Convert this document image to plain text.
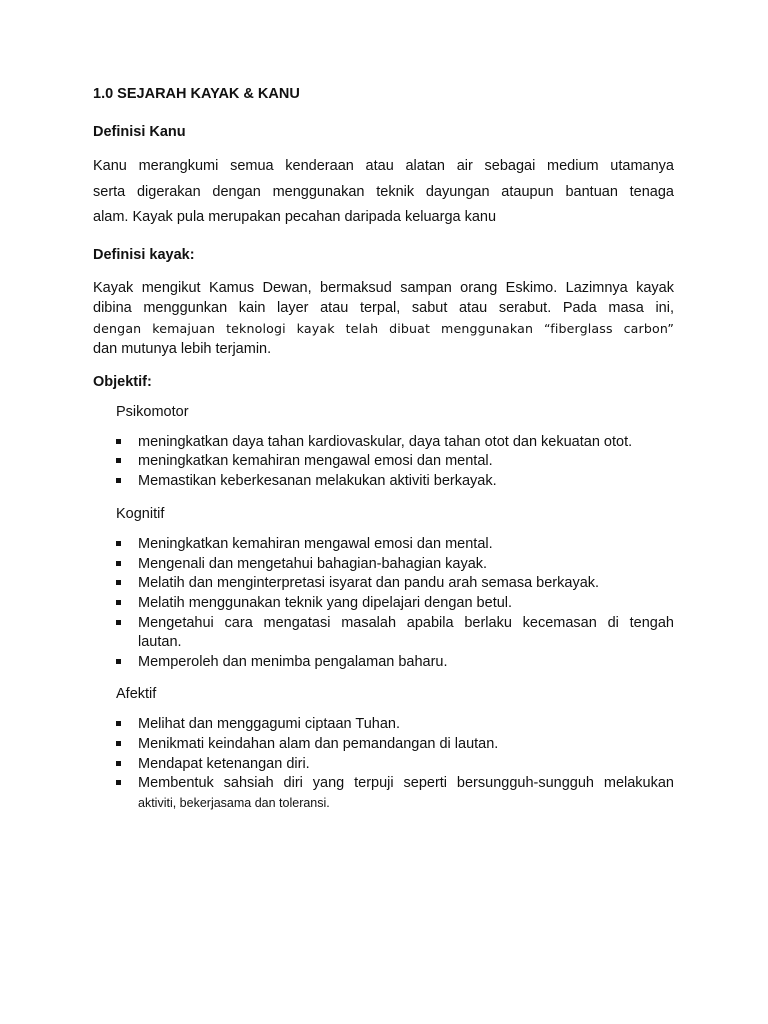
1.0 SEJARAH KAYAK & KANU
Definisi Kanu
Kanu merangkumi semua kenderaan atau alatan air sebagai medium utamanya
serta digerakan dengan menggunakan teknik dayungan ataupun bantuan tenaga
alam. Kayak pula merupakan pecahan daripada keluarga kanu
Definisi kayak:
Kayak mengikut Kamus Dewan, bermaksud sampan orang Eskimo. Lazimnya kayak
dibina menggunkan kain layer atau terpal, sabut atau serabut. Pada masa ini,
dengan kemajuan teknologi kayak telah dibuat menggunakan “fiberglass carbon”
dan mutunya lebih terjamin.
Objektif:
Psikomotor
meningkatkan daya tahan kardiovaskular, daya tahan otot dan kekuatan otot.
meningkatkan kemahiran mengawal emosi dan mental.
Memastikan keberkesanan melakukan aktiviti berkayak.
Kognitif
Meningkatkan kemahiran mengawal emosi dan mental.
Mengenali dan mengetahui bahagian-bahagian kayak.
Melatih dan menginterpretasi isyarat dan pandu arah semasa berkayak.
Melatih menggunakan teknik yang dipelajari dengan betul.
Mengetahui cara mengatasi masalah apabila berlaku kecemasan di tengah
lautan.
Memperoleh dan menimba pengalaman baharu.
Afektif
Melihat dan menggagumi ciptaan Tuhan.
Menikmati keindahan alam dan pemandangan di lautan.
Mendapat ketenangan diri.
Membentuk sahsiah diri yang terpuji seperti bersungguh-sungguh melakukan
aktiviti, bekerjasama dan toleransi.
